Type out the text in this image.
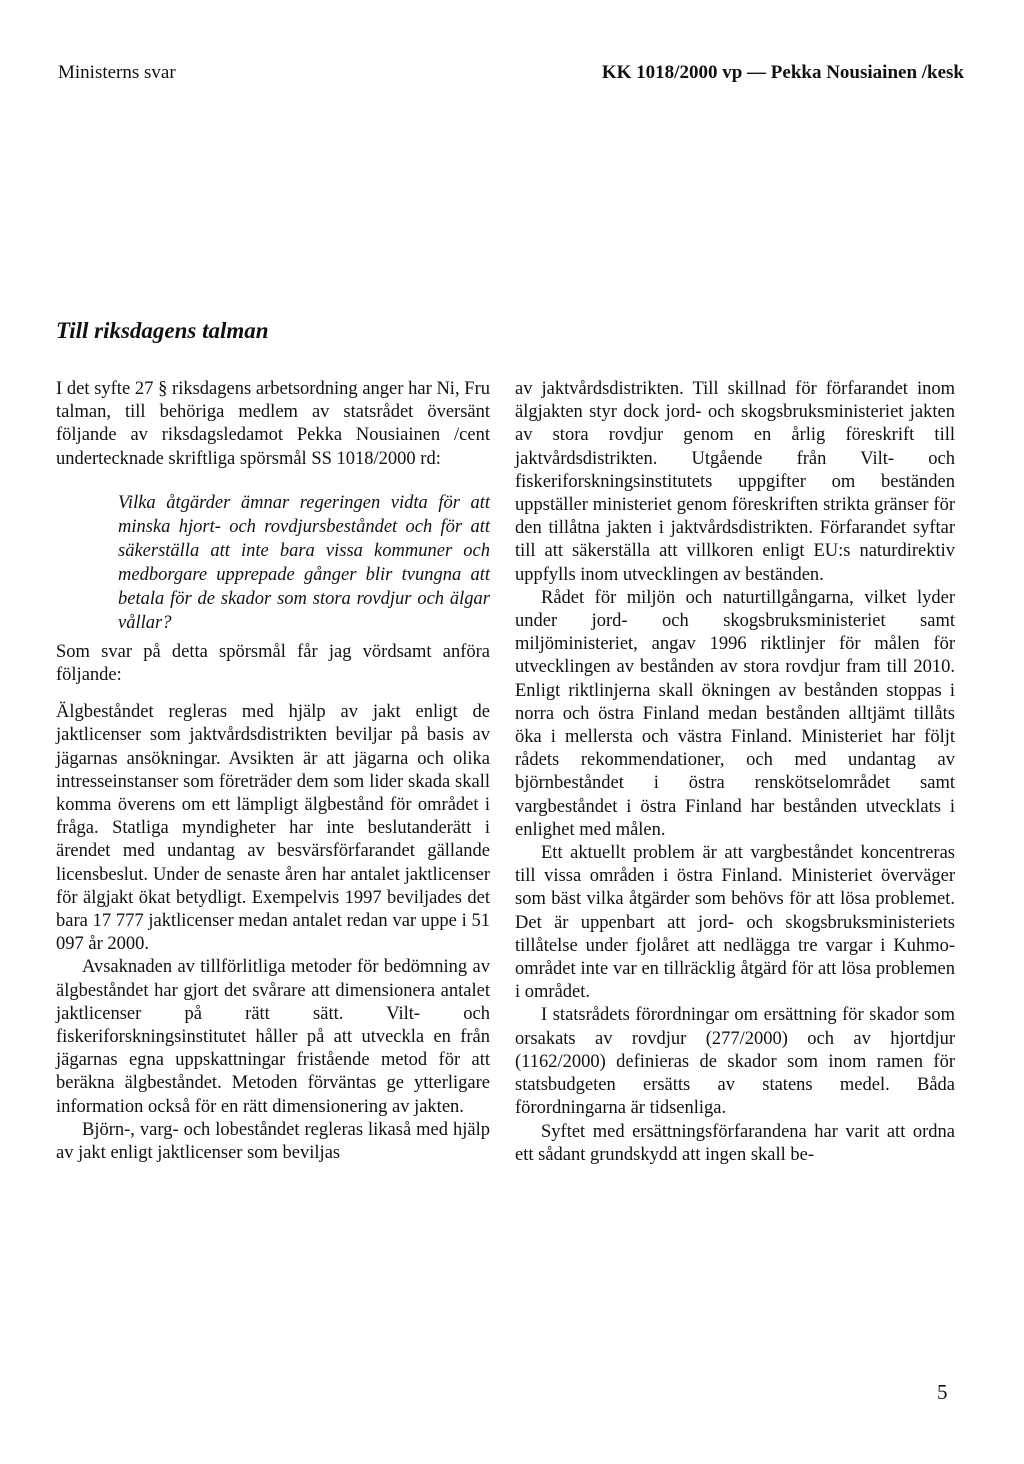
Ministerns svar	KK 1018/2000 vp — Pekka Nousiainen /kesk
Till riksdagens talman

I det syfte 27 § riksdagens arbetsordning anger har Ni, Fru talman, till behöriga medlem av statsrådet översänt följande av riksdagsledamot Pekka Nousiainen /cent undertecknade skriftliga spörsmål SS 1018/2000 rd:

Vilka åtgärder ämnar regeringen vidta för att minska hjort- och rovdjursbeståndet och för att säkerställa att inte bara vissa kommuner och medborgare upprepade gånger blir tvungna att betala för de skador som stora rovdjur och älgar vållar?

Som svar på detta spörsmål får jag vördsamt anföra följande:

Älgbeståndet regleras med hjälp av jakt enligt de jaktlicenser som jaktvårdsdistrikten beviljar på basis av jägarnas ansökningar. Avsikten är att jägarna och olika intresseinstanser som företräder dem som lider skada skall komma överens om ett lämpligt älgbestånd för området i fråga. Statliga myndigheter har inte beslutanderätt i ärendet med undantag av besvärsförfarandet gällande licensbeslut. Under de senaste åren har antalet jaktlicenser för älgjakt ökat betydligt. Exempelvis 1997 beviljades det bara 17 777 jaktlicenser medan antalet redan var uppe i 51 097 år 2000.

Avsaknaden av tillförlitliga metoder för bedömning av älgbeståndet har gjort det svårare att dimensionera antalet jaktlicenser på rätt sätt. Vilt- och fiskeriforskningsinstitutet håller på att utveckla en från jägarnas egna uppskattningar fristående metod för att beräkna älgbeståndet. Metoden förväntas ge ytterligare information också för en rätt dimensionering av jakten.

Björn-, varg- och lobeståndet regleras likaså med hjälp av jakt enligt jaktlicenser som beviljas

av jaktvårdsdistrikten. Till skillnad för förfarandet inom älgjakten styr dock jord- och skogsbruksministeriet jakten av stora rovdjur genom en årlig föreskrift till jaktvårdsdistrikten. Utgående från Vilt- och fiskeriforskningsinstitutets uppgifter om beständen uppställer ministeriet genom föreskriften strikta gränser för den tillåtna jakten i jaktvårdsdistrikten. Förfarandet syftar till att säkerställa att villkoren enligt EU:s naturdirektiv uppfylls inom utvecklingen av beständen.

Rådet för miljön och naturtillgångarna, vilket lyder under jord- och skogsbruksministeriet samt miljöministeriet, angav 1996 riktlinjer för målen för utvecklingen av bestånden av stora rovdjur fram till 2010. Enligt riktlinjerna skall ökningen av bestånden stoppas i norra och östra Finland medan bestånden alltjämt tillåts öka i mellersta och västra Finland. Ministeriet har följt rådets rekommendationer, och med undantag av björnbeståndet i östra renskötselområdet samt vargbeståndet i östra Finland har bestånden utvecklats i enlighet med målen.

Ett aktuellt problem är att vargbeståndet koncentreras till vissa områden i östra Finland. Ministeriet överväger som bäst vilka åtgärder som behövs för att lösa problemet. Det är uppenbart att jord- och skogsbruksministeriets tillåtelse under fjolåret att nedlägga tre vargar i Kuhmo-området inte var en tillräcklig åtgärd för att lösa problemen i området.

I statsrådets förordningar om ersättning för skador som orsakats av rovdjur (277/2000) och av hjortdjur (1162/2000) definieras de skador som inom ramen för statsbudgeten ersätts av statens medel. Båda förordningarna är tidsenliga.

Syftet med ersättningsförfarandena har varit att ordna ett sådant grundskydd att ingen skall be-

5
